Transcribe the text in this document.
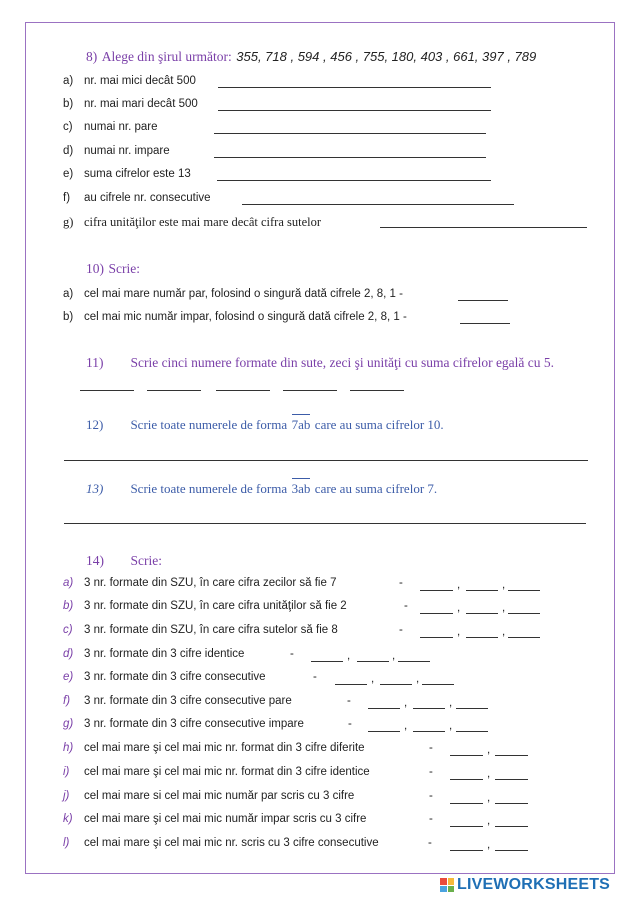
8) Alege din şirul următor: 355, 718 , 594 , 456 , 755, 180, 403 , 661, 397 , 789
a) nr. mai mici decât 500
b) nr. mai mari decât 500
c) numai nr. pare
d) numai nr. impare
e) suma cifrelor este 13
f) au cifrele nr. consecutive
g) cifra unităţilor este mai mare decât cifra sutelor
10) Scrie:
a) cel mai mare număr par, folosind o singură dată cifrele 2, 8, 1 -
b) cel mai mic număr impar, folosind o singură dată cifrele 2, 8, 1 -
11) Scrie cinci numere formate din sute, zeci şi unităţi cu suma cifrelor egală cu 5.
12) Scrie toate numerele de forma 7ab care au suma cifrelor 10.
13) Scrie toate numerele de forma 3ab care au suma cifrelor 7.
14) Scrie:
a) 3 nr. formate din SZU, în care cifra zecilor să fie 7	-	,	,
b) 3 nr. formate din SZU, în care cifra unităţilor să fie 2	-	,	,
c) 3 nr. formate din SZU, în care cifra sutelor să fie 8	-	,	,
d) 3 nr. formate din 3 cifre identice	-	,	,
e) 3 nr. formate din 3 cifre consecutive	-	,	,
f) 3 nr. formate din 3 cifre consecutive pare	-	,	,
g) 3 nr. formate din 3 cifre consecutive impare	-	,	,
h) cel mai mare şi cel mai mic nr. format din 3 cifre diferite	-	,
i) cel mai mare şi cel mai mic nr. format din 3 cifre identice	-	,
j) cel mai mare si cel mai mic număr par scris cu 3 cifre	-	,
k) cel mai mare şi cel mai mic număr impar scris cu 3 cifre	-	,
l) cel mai mare şi cel mai mic nr. scris cu 3 cifre consecutive	-	,
LIVEWORKSHEETS
